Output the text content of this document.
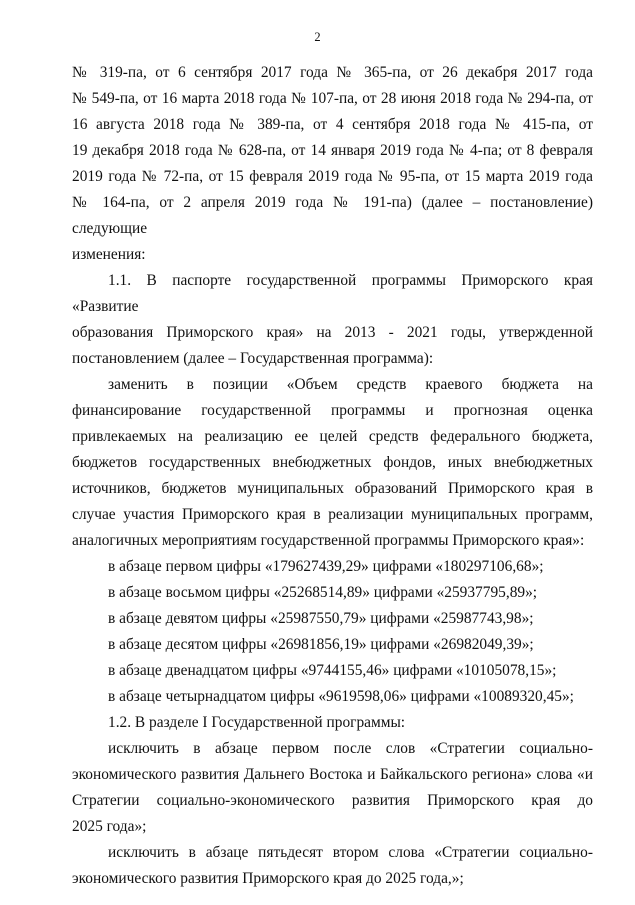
2

№ 319-па, от 6 сентября 2017 года № 365-па, от 26 декабря 2017 года

№ 549-па, от 16 марта 2018 года № 107-па, от 28 июня 2018 года № 294-па, от

16 августа 2018 года № 389-па, от 4 сентября 2018 года № 415-па, от

19 декабря 2018 года № 628-па, от 14 января 2019 года № 4-па; от 8 февраля

2019 года № 72-па, от 15 февраля 2019 года № 95-па, от 15 марта 2019 года

№ 164-па, от 2 апреля 2019 года № 191-па) (далее – постановление) следующие

изменения:

1.1. В паспорте государственной программы Приморского края «Развитие

образования Приморского края» на 2013 - 2021 годы, утвержденной

постановлением (далее – Государственная программа):

заменить в позиции «Объем средств краевого бюджета на

финансирование государственной программы и прогнозная оценка

привлекаемых на реализацию ее целей средств федерального бюджета,

бюджетов государственных внебюджетных фондов, иных внебюджетных

источников, бюджетов муниципальных образований Приморского края в

случае участия Приморского края в реализации муниципальных программ,

аналогичных мероприятиям государственной программы Приморского края»:

в абзаце первом цифры «179627439,29» цифрами «180297106,68»;

в абзаце восьмом цифры «25268514,89» цифрами «25937795,89»;

в абзаце девятом цифры «25987550,79» цифрами «25987743,98»;

в абзаце десятом цифры «26981856,19» цифрами «26982049,39»;

в абзаце двенадцатом цифры «9744155,46» цифрами «10105078,15»;

в абзаце четырнадцатом цифры «9619598,06» цифрами «10089320,45»;

1.2. В разделе I Государственной программы:

исключить в абзаце первом после слов «Стратегии социально-

экономического развития Дальнего Востока и Байкальского региона» слова «и

Стратегии социально-экономического развития Приморского края до

2025 года»;

исключить в абзаце пятьдесят втором слова «Стратегии социально-

экономического развития Приморского края до 2025 года,»;
